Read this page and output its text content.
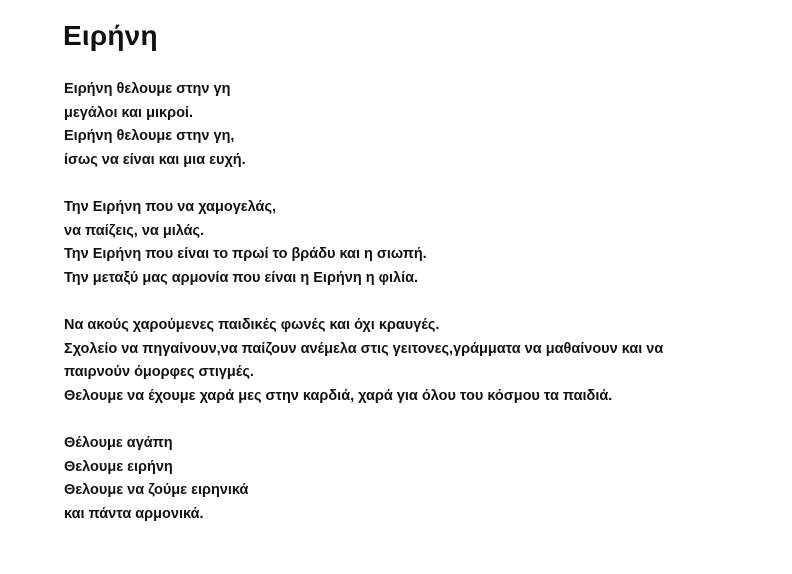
Ειρήνη
Ειρήνη θελουμε στην γη
μεγάλοι και μικροί.
Ειρήνη θελουμε στην γη,
ίσως να είναι και μια ευχή.
Την Ειρήνη που να χαμογελάς,
να παίζεις, να μιλάς.
Την Ειρήνη που είναι το πρωί το βράδυ και η σιωπή.
Την μεταξύ μας αρμονία που είναι η Ειρήνη η φιλία.
Να ακούς χαρούμενες παιδικές φωνές και όχι κραυγές.
Σχολείο να πηγαίνουν,να παίζουν ανέμελα στις γειτονες,γράμματα να μαθαίνουν και να
παιρνούν όμορφες στιγμές.
Θελουμε να έχουμε χαρά μες στην καρδιά, χαρά για όλου του κόσμου τα παιδιά.
Θέλουμε αγάπη
Θελουμε ειρήνη
Θελουμε να ζούμε ειρηνικά
και πάντα αρμονικά.
